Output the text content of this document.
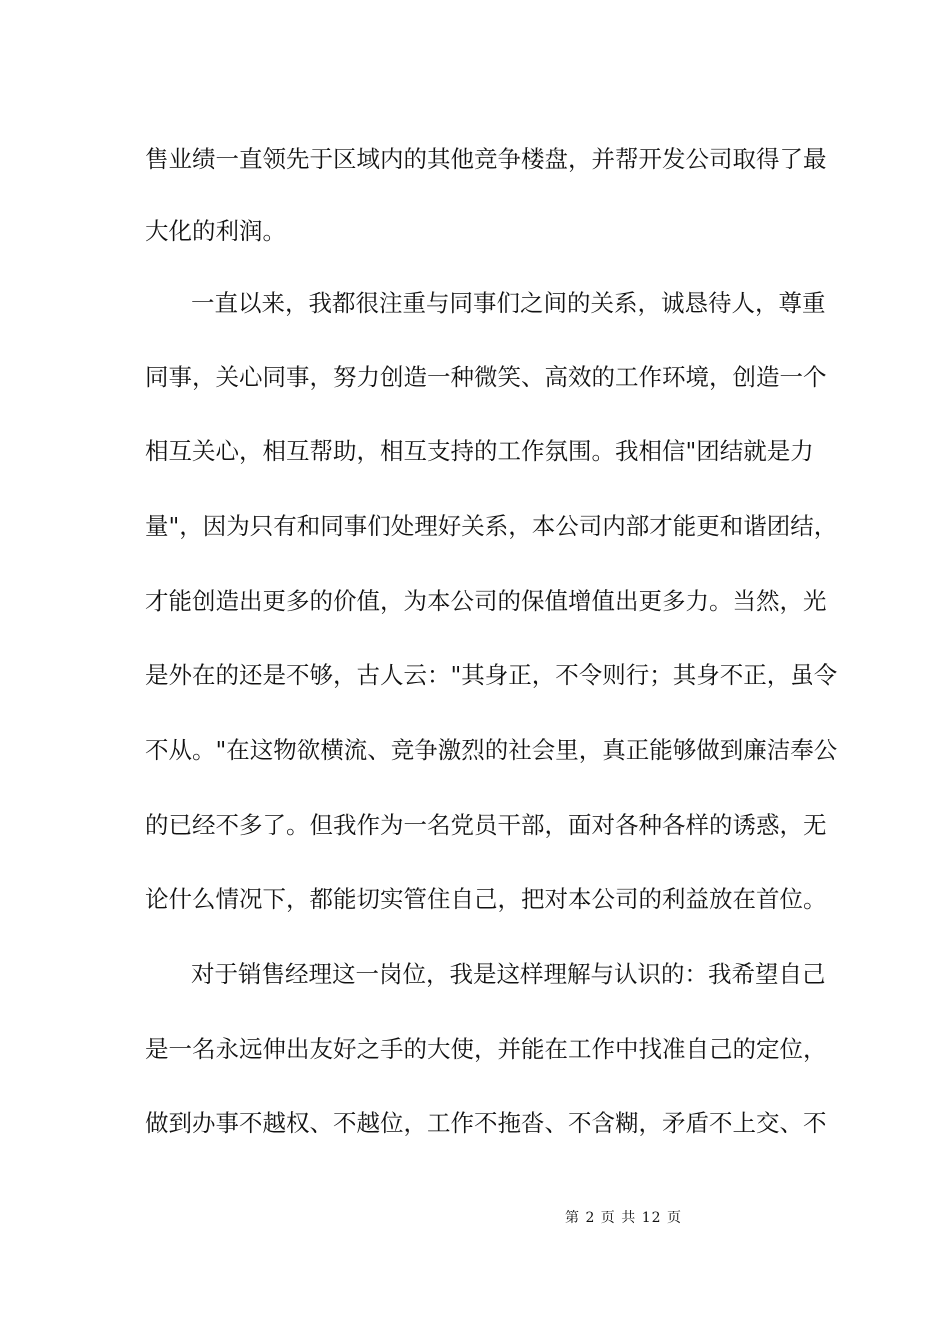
售业绩一直领先于区域内的其他竞争楼盘，并帮开发公司取得了最
大化的利润。
一直以来，我都很注重与同事们之间的关系，诚恳待人，尊重
同事，关心同事，努力创造一种微笑、高效的工作环境，创造一个
相互关心，相互帮助，相互支持的工作氛围。我相信"团结就是力
量"，因为只有和同事们处理好关系，本公司内部才能更和谐团结，
才能创造出更多的价值，为本公司的保值增值出更多力。当然，光
是外在的还是不够，古人云："其身正，不令则行；其身不正，虽令
不从。"在这物欲横流、竞争激烈的社会里，真正能够做到廉洁奉公
的已经不多了。但我作为一名党员干部，面对各种各样的诱惑，无
论什么情况下，都能切实管住自己，把对本公司的利益放在首位。
对于销售经理这一岗位，我是这样理解与认识的：我希望自己
是一名永远伸出友好之手的大使，并能在工作中找准自己的定位，
做到办事不越权、不越位，工作不拖沓、不含糊，矛盾不上交、不
第 2 页 共 12 页
